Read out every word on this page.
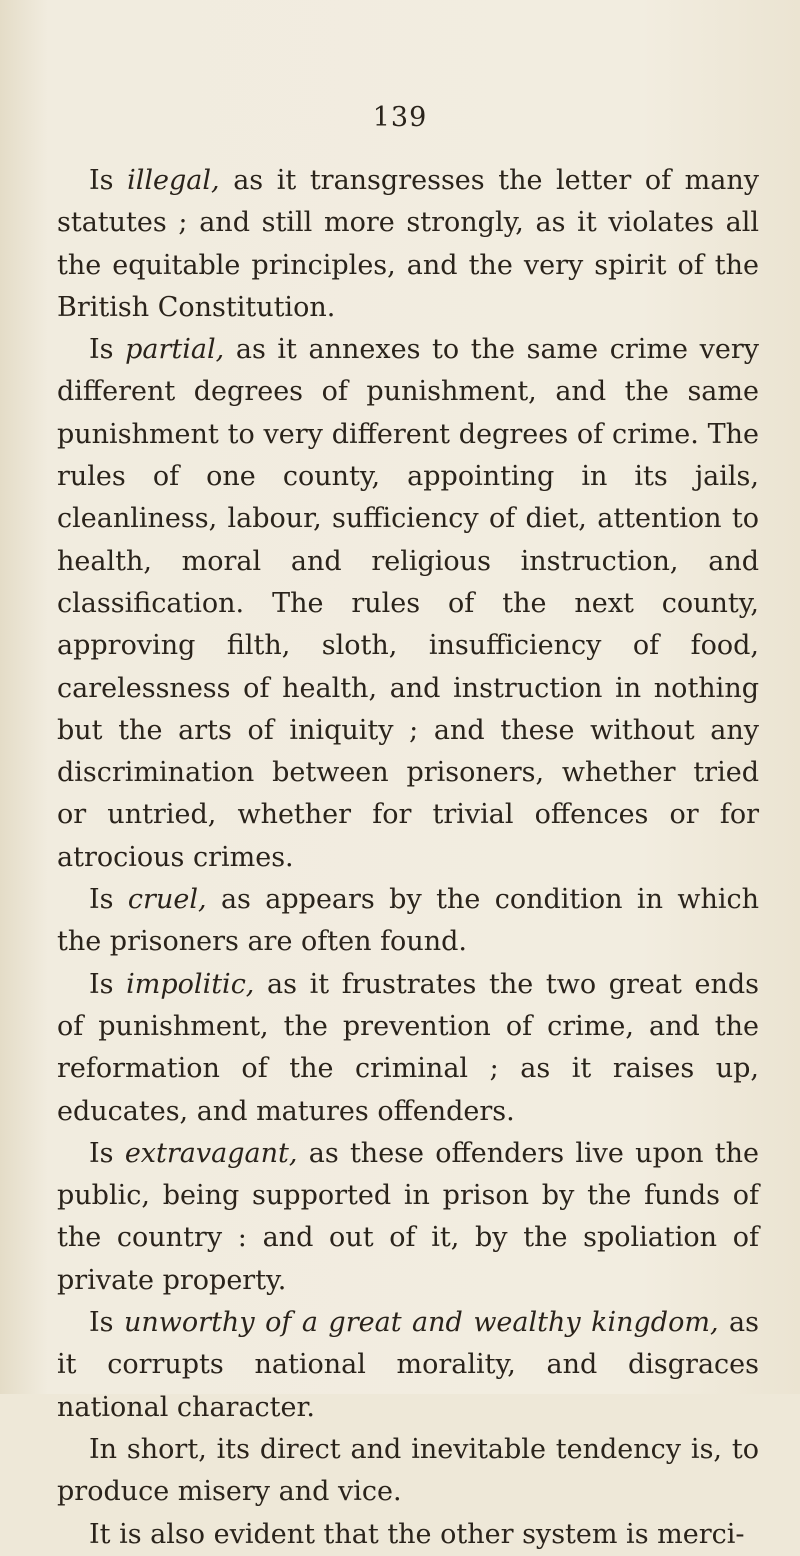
139

Is illegal, as it transgresses the letter of many statutes ; and still more strongly, as it violates all the equitable principles, and the very spirit of the British Constitution.

Is partial, as it annexes to the same crime very different degrees of punishment, and the same punishment to very different degrees of crime. The rules of one county, appointing in its jails, cleanliness, labour, sufficiency of diet, attention to health, moral and religious instruction, and classification. The rules of the next county, approving filth, sloth, insufficiency of food, carelessness of health, and instruction in nothing but the arts of iniquity ; and these without any discrimination between prisoners, whether tried or untried, whether for trivial offences or for atrocious crimes.

Is cruel, as appears by the condition in which the prisoners are often found.

Is impolitic, as it frustrates the two great ends of punishment, the prevention of crime, and the reformation of the criminal ; as it raises up, educates, and matures offenders.

Is extravagant, as these offenders live upon the public, being supported in prison by the funds of the country : and out of it, by the spoliation of private property.

Is unworthy of a great and wealthy kingdom, as it corrupts national morality, and disgraces national character.

In short, its direct and inevitable tendency is, to produce misery and vice.

It is also evident that the other system is merci-
